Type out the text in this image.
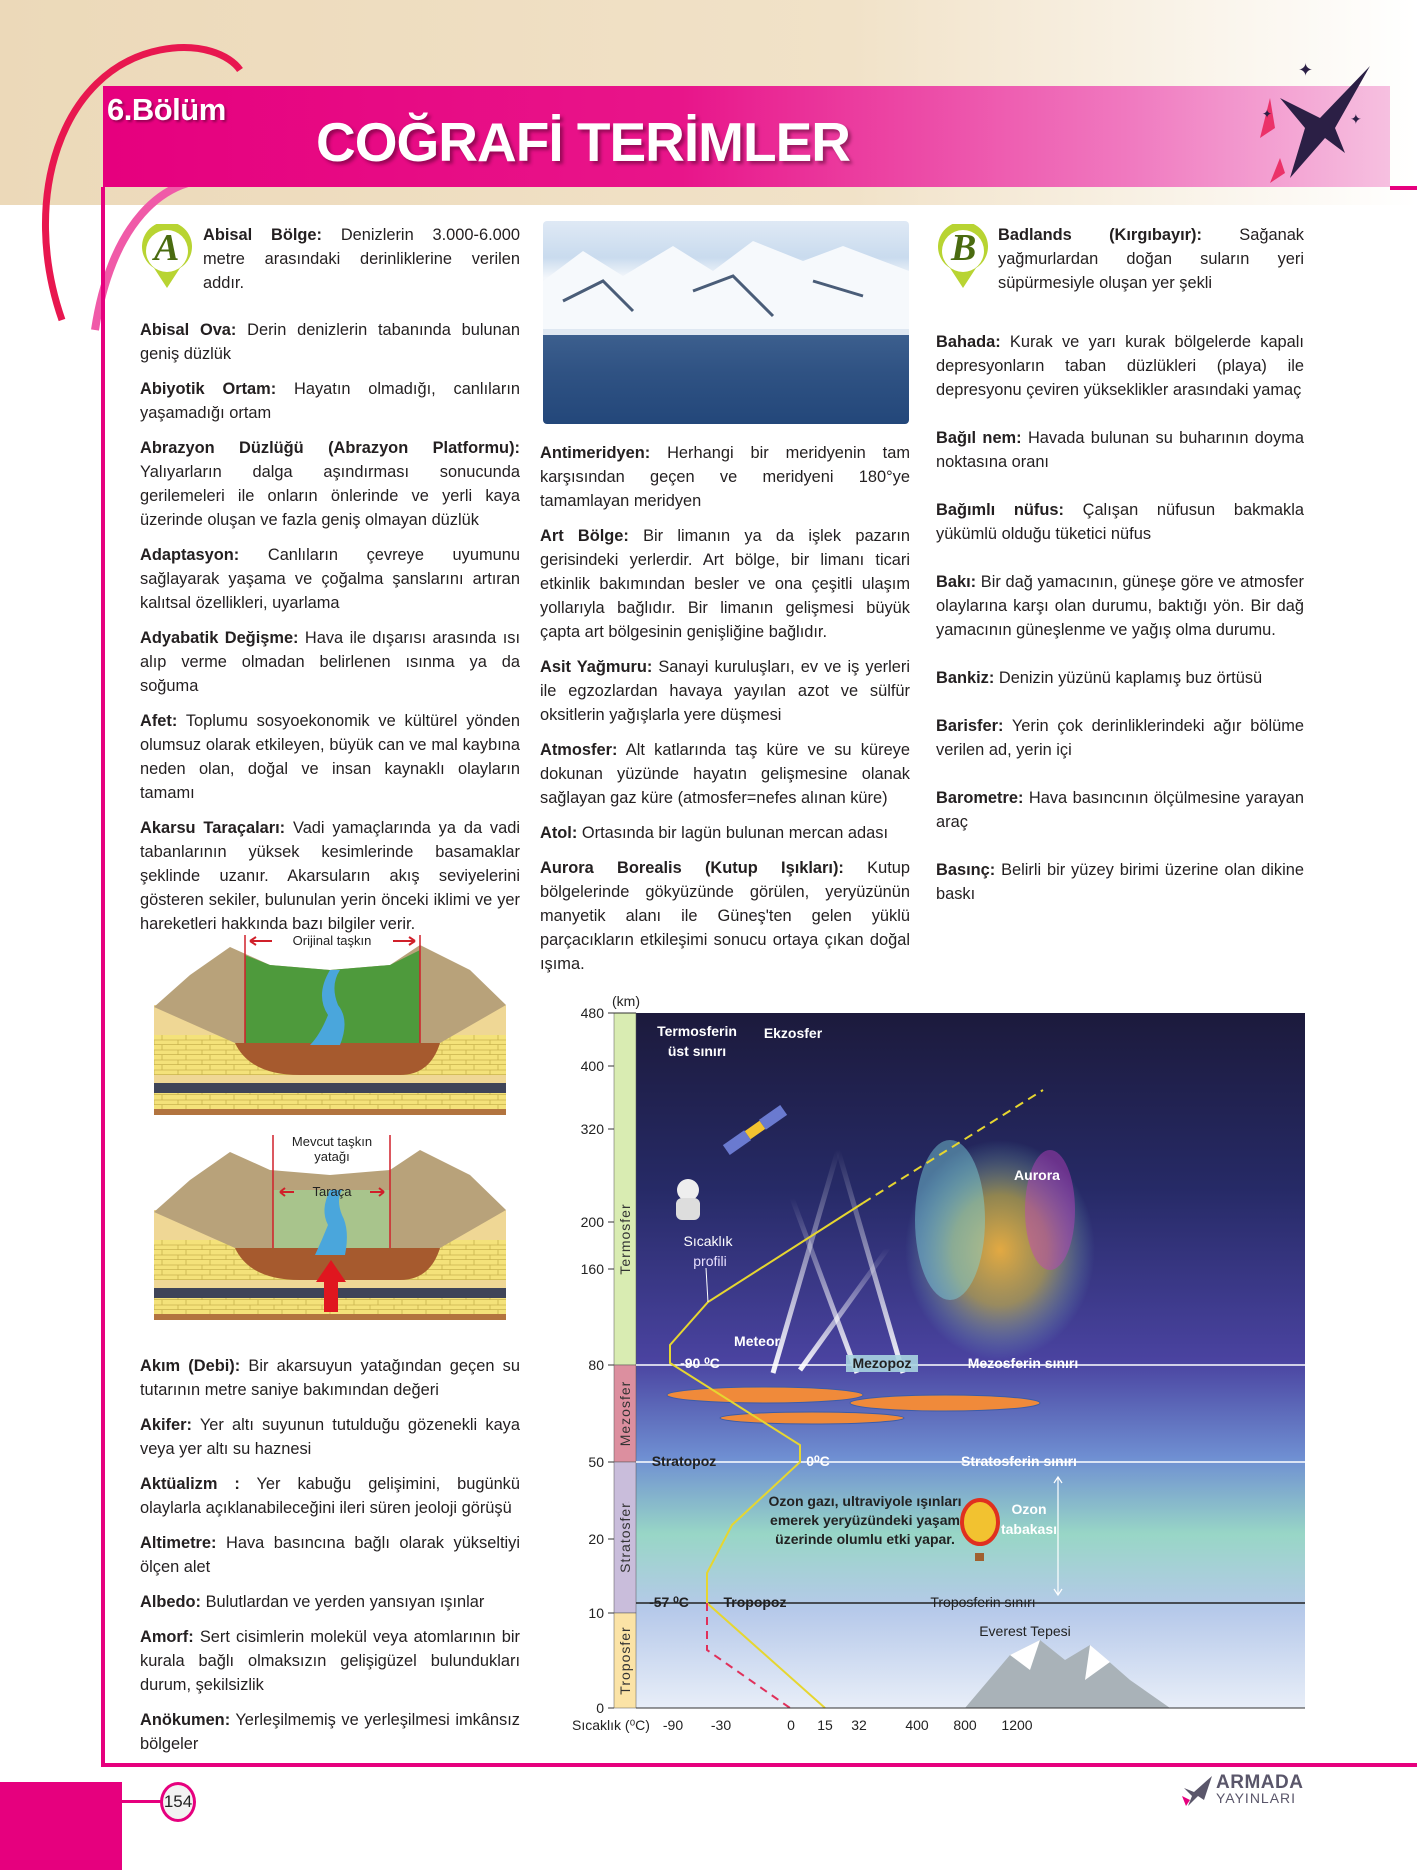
✦
✦
✦
6.Bölüm
COĞRAFİ TERİMLER
A Abisal Bölge: Denizlerin 3.000-6.000 metre arasındaki derinliklerine verilen addır.

Abisal Ova: Derin denizlerin tabanında bulunan geniş düzlük

Abiyotik Ortam: Hayatın olmadığı, canlıların yaşamadığı ortam

Abrazyon Düzlüğü (Abrazyon Platformu): Yalıyarların dalga aşındırması sonucunda gerilemeleri ile onların önlerinde ve yerli kaya üzerinde oluşan ve fazla geniş olmayan düzlük

Adaptasyon: Canlıların çevreye uyumunu sağlayarak yaşama ve çoğalma şanslarını artıran kalıtsal özellikleri, uyarlama

Adyabatik Değişme: Hava ile dışarısı arasında ısı alıp verme olmadan belirlenen ısınma ya da soğuma

Afet: Toplumu sosyoekonomik ve kültürel yönden olumsuz olarak etkileyen, büyük can ve mal kaybına neden olan, doğal ve insan kaynaklı olayların tamamı

Akarsu Taraçaları: Vadi yamaçlarında ya da vadi tabanlarının yüksek kesimlerinde basamaklar şeklinde uzanır. Akarsuların akış seviyelerini gösteren sekiler, bulunulan yerin önceki iklimi ve yer hareketleri hakkında bazı bilgiler verir.

Orijinal taşkın
Mevcut taşkın
yatağı
Taraça

Akım (Debi): Bir akarsuyun yatağından geçen su tutarının metre saniye bakımından değeri

Akifer: Yer altı suyunun tutulduğu gözenekli kaya veya yer altı su haznesi

Aktüalizm : Yer kabuğu gelişimini, bugünkü olaylarla açıklanabileceğini ileri süren jeoloji görüşü

Altimetre: Hava basıncına bağlı olarak yükseltiyi ölçen alet

Albedo: Bulutlardan ve yerden yansıyan ışınlar

Amorf: Sert cisimlerin molekül veya atomlarının bir kurala bağlı olmaksızın gelişigüzel bulundukları durum, şekilsizlik

Anökumen: Yerleşilmemiş ve yerleşilmesi imkânsız bölgeler

Antimeridyen: Herhangi bir meridyenin tam karşısından geçen ve meridyeni 180°ye tamamlayan meridyen

Art Bölge: Bir limanın ya da işlek pazarın gerisindeki yerlerdir. Art bölge, bir limanı ticari etkinlik bakımından besler ve ona çeşitli ulaşım yollarıyla bağlıdır. Bir limanın gelişmesi büyük çapta art bölgesinin genişliğine bağlıdır.

Asit Yağmuru: Sanayi kuruluşları, ev ve iş yerleri ile egzozlardan havaya yayılan azot ve sülfür oksitlerin yağışlarla yere düşmesi

Atmosfer: Alt katlarında taş küre ve su küreye dokunan yüzünde hayatın gelişmesine olanak sağlayan gaz küre (atmosfer=nefes alınan küre)

Atol: Ortasında bir lagün bulunan mercan adası

Aurora Borealis (Kutup Işıkları): Kutup bölgelerinde gökyüzünde görülen, yeryüzünün manyetik alanı ile Güneş'ten gelen yüklü parçacıkların etkileşimi sonucu ortaya çıkan doğal ışıma.

B Badlands (Kırgıbayır): Sağanak yağmurlardan doğan suların yeri süpürmesiyle oluşan yer şekli

Bahada: Kurak ve yarı kurak bölgelerde kapalı depresyonların taban düzlükleri (playa) ile depresyonu çeviren yükseklikler arasındaki yamaç

Bağıl nem: Havada bulunan su buharının doyma noktasına oranı

Bağımlı nüfus: Çalışan nüfusun bakmakla yükümlü olduğu tüketici nüfus

Bakı: Bir dağ yamacının, güneşe göre ve atmosfer olaylarına karşı olan durumu, baktığı yön. Bir dağ yamacının güneşlenme ve yağış olma durumu.

Bankiz: Denizin yüzünü kaplamış buz örtüsü

Barisfer: Yerin çok derinliklerindeki ağır bölüme verilen ad, yerin içi

Barometre: Hava basıncının ölçülmesine yarayan araç

Basınç: Belirli bir yüzey birimi üzerine olan dikine baskı

Termosfer
Mezosfer
Stratosfer
Troposfer
480
400
320
200
160
80
50
20
10
0
(km)
-90 -30	0 15 32	400 800 1200
Sıcaklık (⁰C)
Termosferin
üst sınırı
Ekzosfer
Aurora
Sıcaklık
profili
Meteor
-90 ⁰C	Mezopoz	Mezosferin sınırı
Stratopoz	0⁰C	Stratosferin sınırı
Ozon gazı, ultraviyole ışınları
emerek yeryüzündeki yaşam
üzerinde olumlu etki yapar.
Ozon
tabakası
-57 ⁰C Tropopoz	Troposferin sınırı
Everest Tepesi
154
ARMADA
YAYINLARI
